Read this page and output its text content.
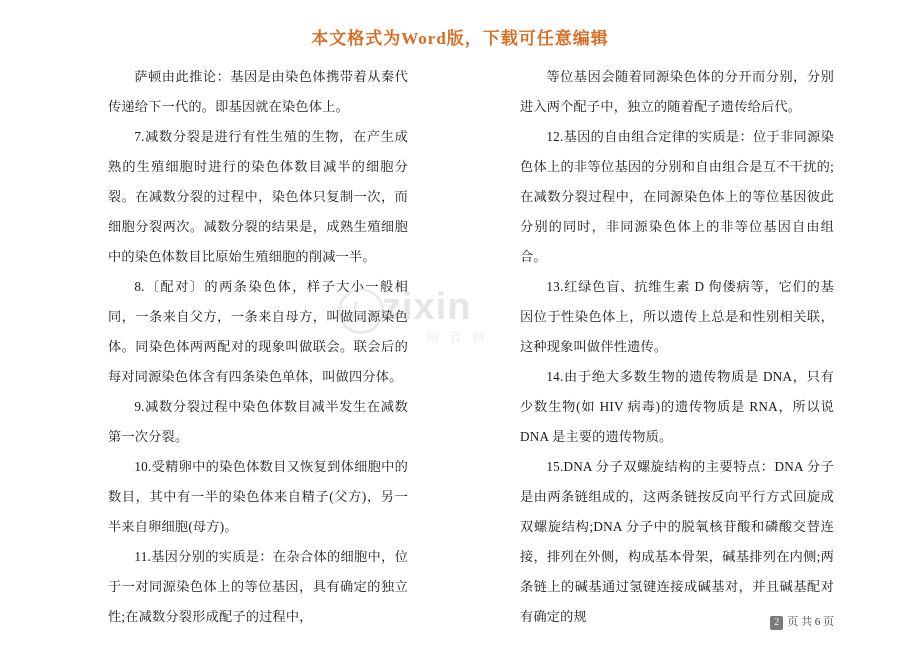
本文格式为Word版，下载可任意编辑
zixin
知 音 网

萨顿由此推论：基因是由染色体携带着从秦代传递给下一代的。即基因就在染色体上。

7.减数分裂是进行有性生殖的生物，在产生成熟的生殖细胞时进行的染色体数目减半的细胞分裂。在减数分裂的过程中，染色体只复制一次，而细胞分裂两次。减数分裂的结果是，成熟生殖细胞中的染色体数目比原始生殖细胞的削减一半。

8.〔配对〕的两条染色体，样子大小一般相同，一条来自父方，一条来自母方，叫做同源染色体。同染色体两两配对的现象叫做联会。联会后的每对同源染色体含有四条染色单体，叫做四分体。

9.减数分裂过程中染色体数目减半发生在减数第一次分裂。

10.受精卵中的染色体数目又恢复到体细胞中的数目，其中有一半的染色体来自精子(父方)，另一半来自卵细胞(母方)。

11.基因分别的实质是：在杂合体的细胞中，位于一对同源染色体上的等位基因，具有确定的独立性;在减数分裂形成配子的过程中，

等位基因会随着同源染色体的分开而分别，分别进入两个配子中，独立的随着配子遗传给后代。

12.基因的自由组合定律的实质是：位于非同源染色体上的非等位基因的分别和自由组合是互不干扰的;在减数分裂过程中，在同源染色体上的等位基因彼此分别的同时，非同源染色体上的非等位基因自由组合。

13.红绿色盲、抗维生素 D 佝偻病等，它们的基因位于性染色体上，所以遗传上总是和性别相关联，这种现象叫做伴性遗传。

14.由于绝大多数生物的遗传物质是 DNA，只有少数生物(如 HIV 病毒)的遗传物质是 RNA，所以说 DNA 是主要的遗传物质。

15.DNA 分子双螺旋结构的主要特点：DNA 分子是由两条链组成的，这两条链按反向平行方式回旋成双螺旋结构;DNA 分子中的脱氧核苷酸和磷酸交替连接，排列在外侧，构成基本骨架，碱基排列在内侧;两条链上的碱基通过氢键连接成碱基对，并且碱基配对有确定的规	2 页 共 6 页
